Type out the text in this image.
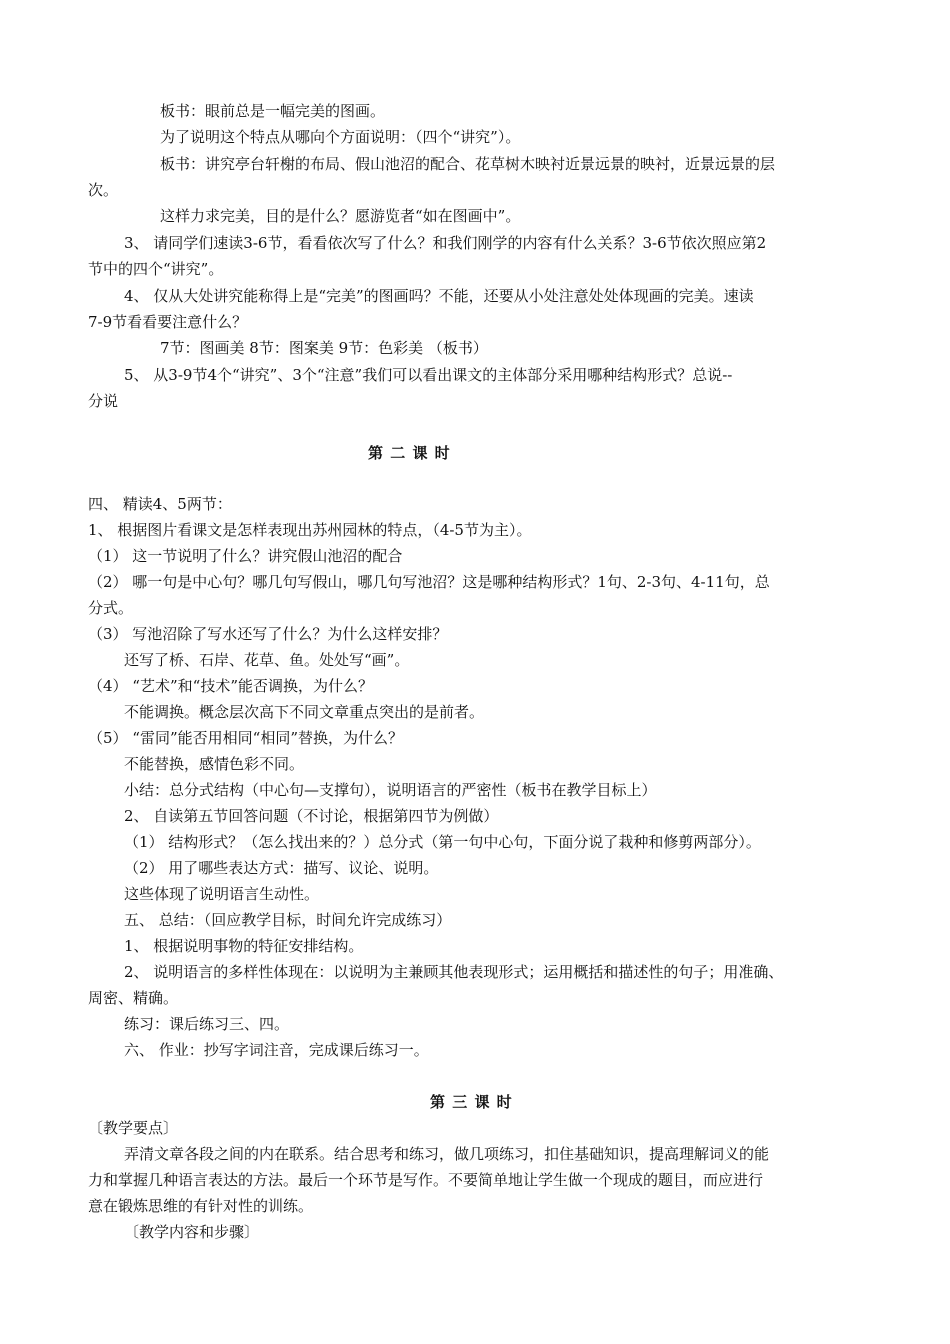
板书：眼前总是一幅完美的图画。
为了说明这个特点从哪向个方面说明：（四个“讲究”）。
板书：讲究亭台轩榭的布局、假山池沼的配合、花草树木映衬近景远景的映衬，近景远景的层
次。
这样力求完美，目的是什么？愿游览者“如在图画中”。
3、 请同学们速读3-6节，看看依次写了什么？和我们刚学的内容有什么关系？3-6节依次照应第2
节中的四个“讲究”。
4、 仅从大处讲究能称得上是“完美”的图画吗？不能，还要从小处注意处处体现画的完美。速读
7-9节看看要注意什么？
7节：图画美 8节：图案美 9节：色彩美 （板书）
5、 从3-9节4个“讲究”、3个“注意”我们可以看出课文的主体部分采用哪种结构形式？总说--
分说
第 二 课 时
四、 精读4、5两节：
1、 根据图片看课文是怎样表现出苏州园林的特点，（4-5节为主）。
（1） 这一节说明了什么？讲究假山池沼的配合
（2） 哪一句是中心句？哪几句写假山，哪几句写池沼？这是哪种结构形式？1句、2-3句、4-11句，总
分式。
（3） 写池沼除了写水还写了什么？为什么这样安排？
还写了桥、石岸、花草、鱼。处处写“画”。
（4） “艺术”和“技术”能否调换，为什么？
不能调换。概念层次高下不同文章重点突出的是前者。
（5） “雷同”能否用相同“相同”替换，为什么？
不能替换，感情色彩不同。
小结：总分式结构（中心句—支撑句），说明语言的严密性（板书在教学目标上）
2、 自读第五节回答问题（不讨论，根据第四节为例做）
（1） 结构形式？（怎么找出来的？）总分式（第一句中心句，下面分说了栽种和修剪两部分）。
（2） 用了哪些表达方式：描写、议论、说明。
这些体现了说明语言生动性。
五、 总结：（回应教学目标，时间允许完成练习）
1、 根据说明事物的特征安排结构。
2、 说明语言的多样性体现在：以说明为主兼顾其他表现形式；运用概括和描述性的句子；用准确、
周密、精确。
练习：课后练习三、四。
六、 作业：抄写字词注音，完成课后练习一。
第 三 课 时
〔教学要点〕
弄清文章各段之间的内在联系。结合思考和练习，做几项练习，扣住基础知识，提高理解词义的能
力和掌握几种语言表达的方法。最后一个环节是写作。不要简单地让学生做一个现成的题目，而应进行
意在锻炼思维的有针对性的训练。
〔教学内容和步骤〕
